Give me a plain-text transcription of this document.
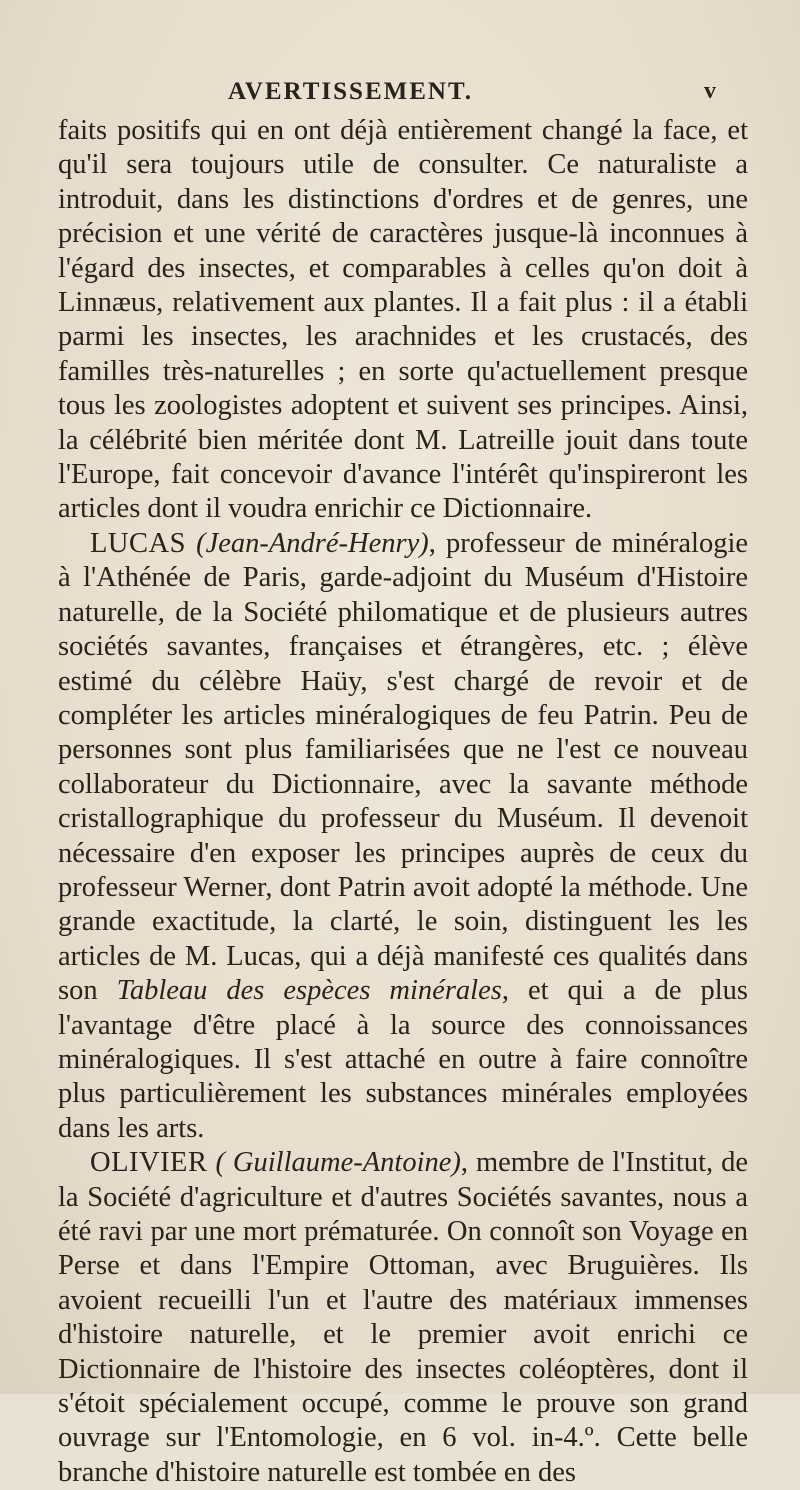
AVERTISSEMENT.	v

faits positifs qui en ont déjà entièrement changé la face, et qu'il sera toujours utile de consulter. Ce naturaliste a introduit, dans les distinctions d'ordres et de genres, une précision et une vérité de caractères jusque-là inconnues à l'égard des insectes, et comparables à celles qu'on doit à Linnæus, relativement aux plantes. Il a fait plus : il a établi parmi les insectes, les arachnides et les crustacés, des familles très-naturelles ; en sorte qu'actuellement presque tous les zoologistes adoptent et suivent ses principes. Ainsi, la célébrité bien méritée dont M. Latreille jouit dans toute l'Europe, fait concevoir d'avance l'intérêt qu'inspireront les articles dont il voudra enrichir ce Dictionnaire.

LUCAS (Jean-André-Henry), professeur de minéralogie à l'Athénée de Paris, garde-adjoint du Muséum d'Histoire naturelle, de la Société philomatique et de plusieurs autres sociétés savantes, françaises et étrangères, etc. ; élève estimé du célèbre Haüy, s'est chargé de revoir et de compléter les articles minéralogiques de feu Patrin. Peu de personnes sont plus familiarisées que ne l'est ce nouveau collaborateur du Dictionnaire, avec la savante méthode cristallographique du professeur du Muséum. Il devenoit nécessaire d'en exposer les principes auprès de ceux du professeur Werner, dont Patrin avoit adopté la méthode. Une grande exactitude, la clarté, le soin, distinguent les les articles de M. Lucas, qui a déjà manifesté ces qualités dans son Tableau des espèces minérales, et qui a de plus l'avantage d'être placé à la source des connoissances minéralogiques. Il s'est attaché en outre à faire connoître plus particulièrement les substances minérales employées dans les arts.

OLIVIER ( Guillaume-Antoine), membre de l'Institut, de la Société d'agriculture et d'autres Sociétés savantes, nous a été ravi par une mort prématurée. On connoît son Voyage en Perse et dans l'Empire Ottoman, avec Bruguières. Ils avoient recueilli l'un et l'autre des matériaux immenses d'histoire naturelle, et le premier avoit enrichi ce Dictionnaire de l'histoire des insectes coléoptères, dont il s'étoit spécialement occupé, comme le prouve son grand ouvrage sur l'Entomologie, en 6 vol. in-4.º. Cette belle branche d'histoire naturelle est tombée en des
